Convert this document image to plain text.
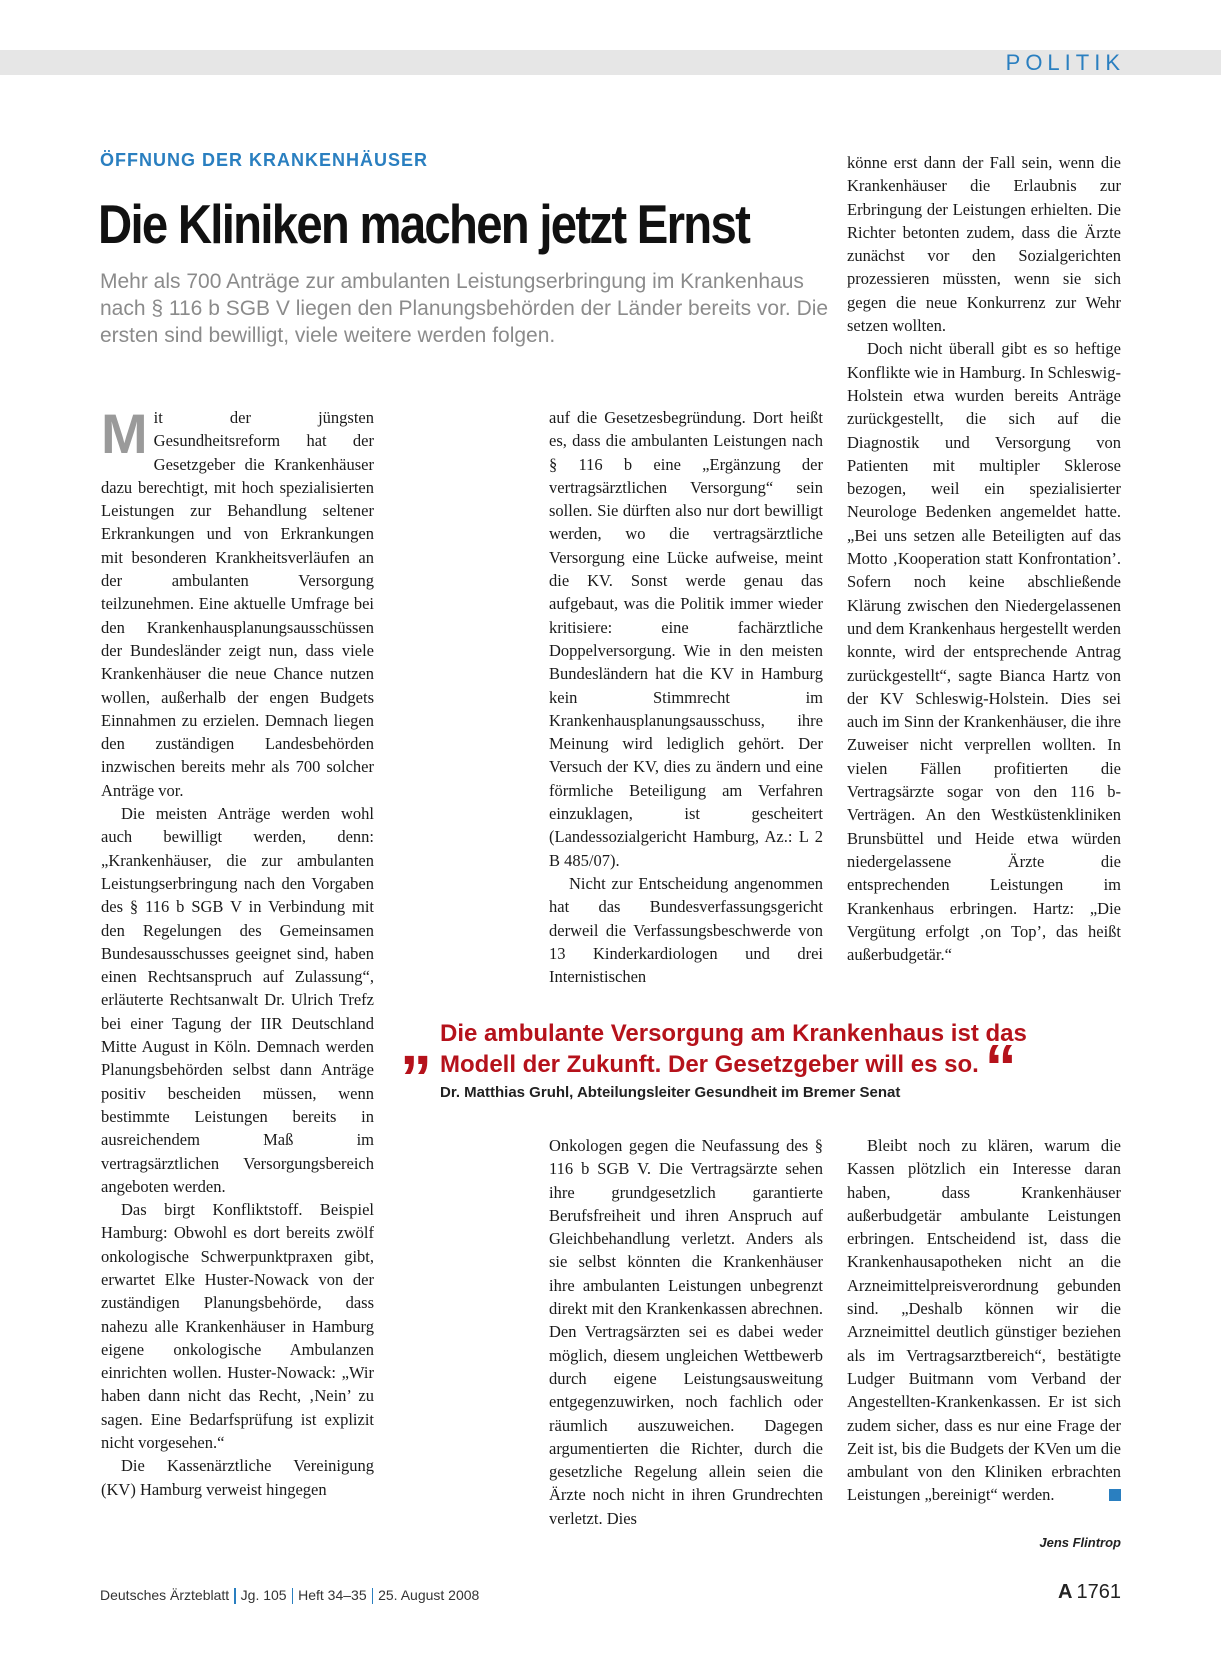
POLITIK
ÖFFNUNG DER KRANKENHÄUSER
Die Kliniken machen jetzt Ernst
Mehr als 700 Anträge zur ambulanten Leistungserbringung im Krankenhaus nach § 116 b SGB V liegen den Planungsbehörden der Länder bereits vor. Die ersten sind bewilligt, viele weitere werden folgen.

Mit der jüngsten Gesundheitsreform hat der Gesetzgeber die Krankenhäuser dazu berechtigt, mit hoch spezialisierten Leistungen zur Behandlung seltener Erkrankungen und von Erkrankungen mit besonderen Krankheitsverläufen an der ambulanten Versorgung teilzunehmen. Eine aktuelle Umfrage bei den Krankenhausplanungsausschüssen der Bundesländer zeigt nun, dass viele Krankenhäuser die neue Chance nutzen wollen, außerhalb der engen Budgets Einnahmen zu erzielen. Demnach liegen den zuständigen Landesbehörden inzwischen bereits mehr als 700 solcher Anträge vor.

Die meisten Anträge werden wohl auch bewilligt werden, denn: „Krankenhäuser, die zur ambulanten Leistungserbringung nach den Vorgaben des § 116 b SGB V in Verbindung mit den Regelungen des Gemeinsamen Bundesausschusses geeignet sind, haben einen Rechtsanspruch auf Zulassung“, erläuterte Rechtsanwalt Dr. Ulrich Trefz bei einer Tagung der IIR Deutschland Mitte August in Köln. Demnach werden Planungsbehörden selbst dann Anträge positiv bescheiden müssen, wenn bestimmte Leistungen bereits in ausreichendem Maß im vertragsärztlichen Versorgungsbereich angeboten werden.

Das birgt Konfliktstoff. Beispiel Hamburg: Obwohl es dort bereits zwölf onkologische Schwerpunktpraxen gibt, erwartet Elke Huster-Nowack von der zuständigen Planungsbehörde, dass nahezu alle Krankenhäuser in Hamburg eigene onkologische Ambulanzen einrichten wollen. Huster-Nowack: „Wir haben dann nicht das Recht, ‚Nein’ zu sagen. Eine Bedarfsprüfung ist explizit nicht vorgesehen.“

Die Kassenärztliche Vereinigung (KV) Hamburg verweist hingegen

auf die Gesetzesbegründung. Dort heißt es, dass die ambulanten Leistungen nach § 116 b eine „Ergänzung der vertragsärztlichen Versorgung“ sein sollen. Sie dürften also nur dort bewilligt werden, wo die vertragsärztliche Versorgung eine Lücke aufweise, meint die KV. Sonst werde genau das aufgebaut, was die Politik immer wieder kritisiere: eine fachärztliche Doppelversorgung. Wie in den meisten Bundesländern hat die KV in Hamburg kein Stimmrecht im Krankenhausplanungsausschuss, ihre Meinung wird lediglich gehört. Der Versuch der KV, dies zu ändern und eine förmliche Beteiligung am Verfahren einzuklagen, ist gescheitert (Landessozialgericht Hamburg, Az.: L 2 B 485/07).

Nicht zur Entscheidung angenommen hat das Bundesverfassungsgericht derweil die Verfassungsbeschwerde von 13 Kinderkardiologen und drei Internistischen

könne erst dann der Fall sein, wenn die Krankenhäuser die Erlaubnis zur Erbringung der Leistungen erhielten. Die Richter betonten zudem, dass die Ärzte zunächst vor den Sozialgerichten prozessieren müssten, wenn sie sich gegen die neue Konkurrenz zur Wehr setzen wollten.

Doch nicht überall gibt es so heftige Konflikte wie in Hamburg. In Schleswig-Holstein etwa wurden bereits Anträge zurückgestellt, die sich auf die Diagnostik und Versorgung von Patienten mit multipler Sklerose bezogen, weil ein spezialisierter Neurologe Bedenken angemeldet hatte. „Bei uns setzen alle Beteiligten auf das Motto ‚Kooperation statt Konfrontation’. Sofern noch keine abschließende Klärung zwischen den Niedergelassenen und dem Krankenhaus hergestellt werden konnte, wird der entsprechende Antrag zurückgestellt“, sagte Bianca Hartz von der KV Schleswig-Holstein. Dies sei auch im Sinn der Krankenhäuser, die ihre Zuweiser nicht verprellen wollten. In vielen Fällen profitierten die Vertragsärzte sogar von den 116 b-Verträgen. An den Westküstenkliniken Brunsbüttel und Heide etwa würden niedergelassene Ärzte die entsprechenden Leistungen im Krankenhaus erbringen. Hartz: „Die Vergütung erfolgt ‚on Top’, das heißt außerbudgetär.“

„ Die ambulante Versorgung am Krankenhaus ist das Modell der Zukunft. Der Gesetzgeber will es so.“
Dr. Matthias Gruhl, Abteilungsleiter Gesundheit im Bremer Senat

Onkologen gegen die Neufassung des § 116 b SGB V. Die Vertragsärzte sehen ihre grundgesetzlich garantierte Berufsfreiheit und ihren Anspruch auf Gleichbehandlung verletzt. Anders als sie selbst könnten die Krankenhäuser ihre ambulanten Leistungen unbegrenzt direkt mit den Krankenkassen abrechnen. Den Vertragsärzten sei es dabei weder möglich, diesem ungleichen Wettbewerb durch eigene Leistungsausweitung entgegenzuwirken, noch fachlich oder räumlich auszuweichen. Dagegen argumentierten die Richter, durch die gesetzliche Regelung allein seien die Ärzte noch nicht in ihren Grundrechten verletzt. Dies

Bleibt noch zu klären, warum die Kassen plötzlich ein Interesse daran haben, dass Krankenhäuser außerbudgetär ambulante Leistungen erbringen. Entscheidend ist, dass die Krankenhausapotheken nicht an die Arzneimittelpreisverordnung gebunden sind. „Deshalb können wir die Arzneimittel deutlich günstiger beziehen als im Vertragsarztbereich“, bestätigte Ludger Buitmann vom Verband der Angestellten-Krankenkassen. Er ist sich zudem sicher, dass es nur eine Frage der Zeit ist, bis die Budgets der KVen um die ambulant von den Kliniken erbrachten Leistungen „bereinigt“ werden.

Jens Flintrop
Deutsches Ärzteblatt Jg. 105 Heft 34–35 25. August 2008	A 1761
